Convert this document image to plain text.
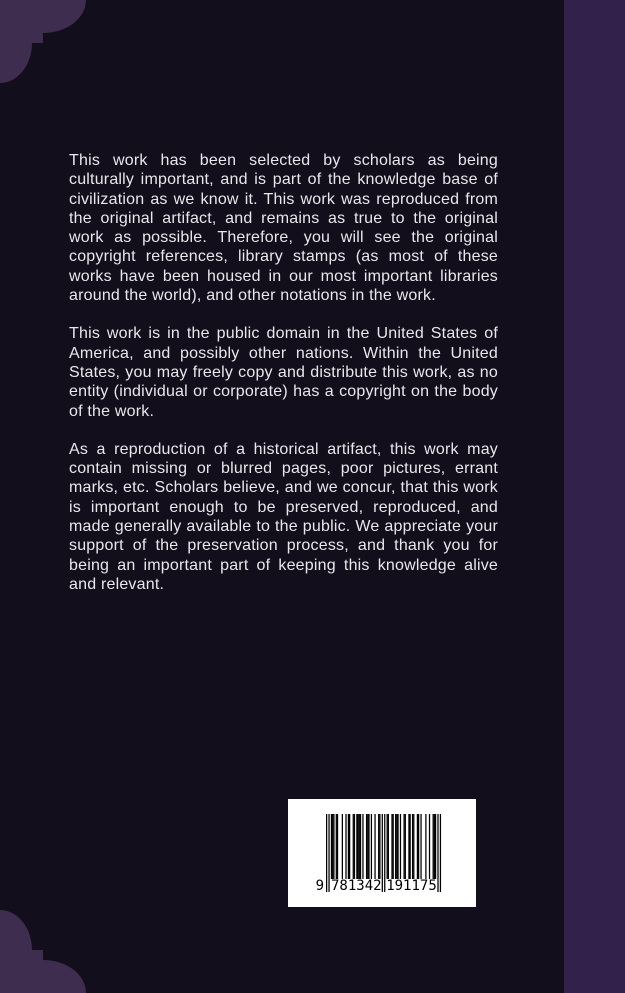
This work has been selected by scholars as being culturally important, and is part of the knowledge base of civilization as we know it. This work was reproduced from the original artifact, and remains as true to the original work as possible. Therefore, you will see the original copyright references, library stamps (as most of these works have been housed in our most important libraries around the world), and other notations in the work.

This work is in the public domain in the United States of America, and possibly other nations. Within the United States, you may freely copy and distribute this work, as no entity (individual or corporate) has a copyright on the body of the work.

As a reproduction of a historical artifact, this work may contain missing or blurred pages, poor pictures, errant marks, etc. Scholars believe, and we concur, that this work is important enough to be preserved, reproduced, and made generally available to the public. We appreciate your support of the preservation process, and thank you for being an important part of keeping this knowledge alive and relevant.

9 781342 191175
